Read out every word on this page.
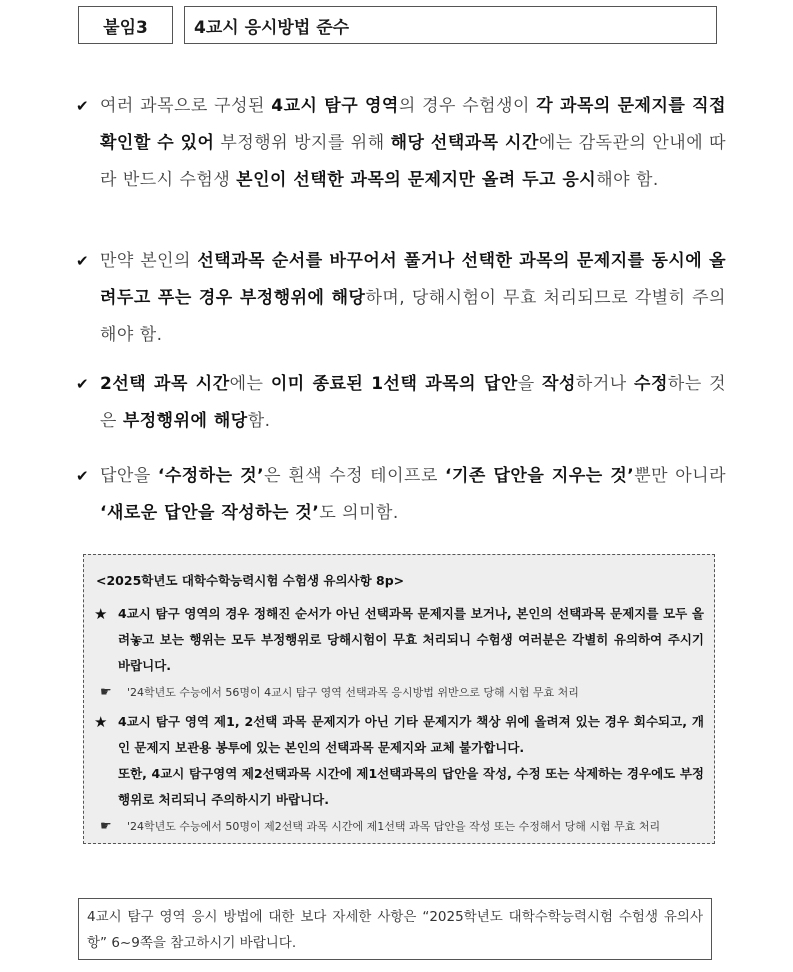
붙임3	4교시 응시방법 준수
✔ 여러 과목으로 구성된 4교시 탐구 영역의 경우 수험생이 각 과목의 문제지를 직접 확인할 수 있어 부정행위 방지를 위해 해당 선택과목 시간에는 감독관의 안내에 따라 반드시 수험생 본인이 선택한 과목의 문제지만 올려 두고 응시해야 함.

✔ 만약 본인의 선택과목 순서를 바꾸어서 풀거나 선택한 과목의 문제지를 동시에 올려두고 푸는 경우 부정행위에 해당하며, 당해시험이 무효 처리되므로 각별히 주의해야 함.

✔ 2선택 과목 시간에는 이미 종료된 1선택 과목의 답안을 작성하거나 수정하는 것은 부정행위에 해당함.

✔ 답안을 ‘수정하는 것’은 흰색 수정 테이프로 ‘기존 답안을 지우는 것’뿐만 아니라 ‘새로운 답안을 작성하는 것’도 의미함.

<2025학년도 대학수학능력시험 수험생 유의사항 8p>
★ 4교시 탐구 영역의 경우 정해진 순서가 아닌 선택과목 문제지를 보거나, 본인의 선택과목 문제지를 모두 올려놓고 보는 행위는 모두 부정행위로 당해시험이 무효 처리되니 수험생 여러분은 각별히 유의하여 주시기 바랍니다.

☛ '24학년도 수능에서 56명이 4교시 탐구 영역 선택과목 응시방법 위반으로 당해 시험 무효 처리
★ 4교시 탐구 영역 제1, 2선택 과목 문제지가 아닌 기타 문제지가 책상 위에 올려져 있는 경우 회수되고, 개인 문제지 보관용 봉투에 있는 본인의 선택과목 문제지와 교체 불가합니다.

또한, 4교시 탐구영역 제2선택과목 시간에 제1선택과목의 답안을 작성, 수정 또는 삭제하는 경우에도 부정행위로 처리되니 주의하시기 바랍니다.

☛ '24학년도 수능에서 50명이 제2선택 과목 시간에 제1선택 과목 답안을 작성 또는 수정해서 당해 시험 무효 처리

4교시 탐구 영역 응시 방법에 대한 보다 자세한 사항은 “2025학년도 대학수학능력시험 수험생 유의사항” 6~9쪽을 참고하시기 바랍니다.
